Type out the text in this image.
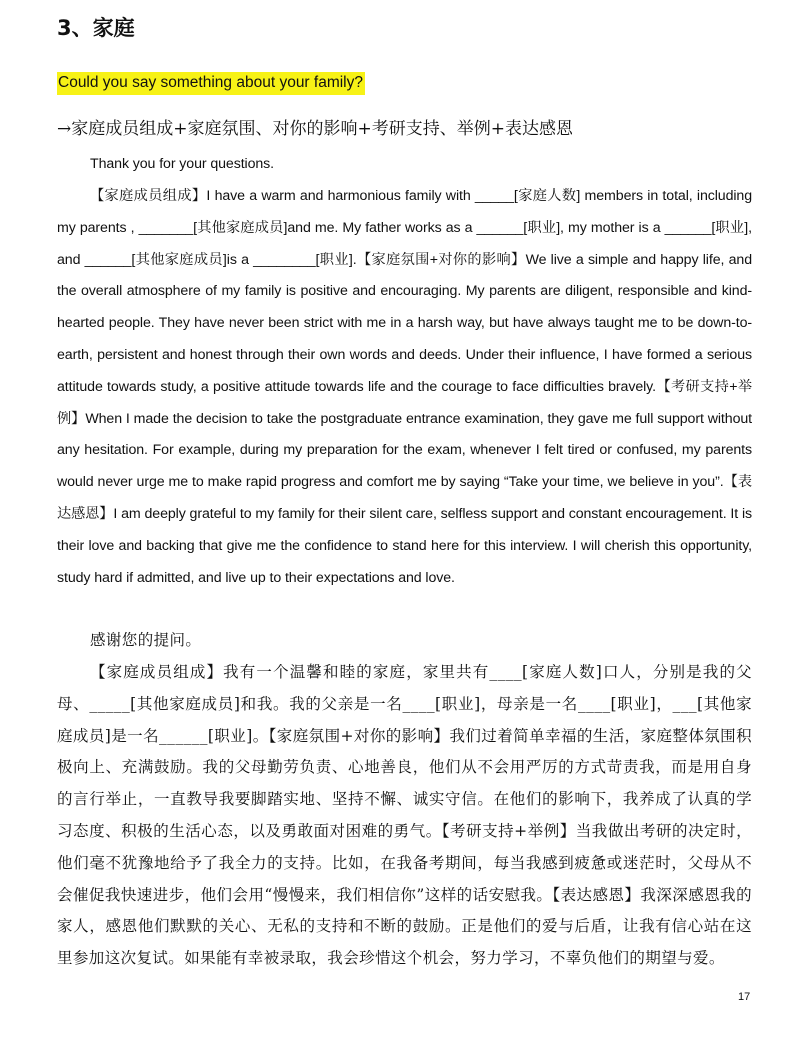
3、家庭
Could you say something about your family?
→家庭成员组成+家庭氛围、对你的影响+考研支持、举例+表达感恩

Thank you for your questions.

【家庭成员组成】I have a warm and harmonious family with _____[家庭人数] members in total, including my parents , _______[其他家庭成员]and me. My father works as a ______[职业], my mother is a ______[职业], and ______[其他家庭成员]is a ________[职业].【家庭氛围+对你的影响】We live a simple and happy life, and the overall atmosphere of my family is positive and encouraging. My parents are diligent, responsible and kind-hearted people. They have never been strict with me in a harsh way, but have always taught me to be down-to-earth, persistent and honest through their own words and deeds. Under their influence, I have formed a serious attitude towards study, a positive attitude towards life and the courage to face difficulties bravely.【考研支持+举例】When I made the decision to take the postgraduate entrance examination, they gave me full support without any hesitation. For example, during my preparation for the exam, whenever I felt tired or confused, my parents would never urge me to make rapid progress and comfort me by saying “Take your time, we believe in you”.【表达感恩】I am deeply grateful to my family for their silent care, selfless support and constant encouragement. It is their love and backing that give me the confidence to stand here for this interview. I will cherish this opportunity, study hard if admitted, and live up to their expectations and love.

感谢您的提问。

【家庭成员组成】我有一个温馨和睦的家庭，家里共有____[家庭人数]口人，分别是我的父母、_____[其他家庭成员]和我。我的父亲是一名____[职业]，母亲是一名____[职业]，___[其他家庭成员]是一名______[职业]。【家庭氛围+对你的影响】我们过着简单幸福的生活，家庭整体氛围积极向上、充满鼓励。我的父母勤劳负责、心地善良，他们从不会用严厉的方式苛责我，而是用自身的言行举止，一直教导我要脚踏实地、坚持不懈、诚实守信。在他们的影响下，我养成了认真的学习态度、积极的生活心态，以及勇敢面对困难的勇气。【考研支持+举例】当我做出考研的决定时，他们毫不犹豫地给予了我全力的支持。比如，在我备考期间，每当我感到疲惫或迷茫时，父母从不会催促我快速进步，他们会用“慢慢来，我们相信你”这样的话安慰我。【表达感恩】我深深感恩我的家人，感恩他们默默的关心、无私的支持和不断的鼓励。正是他们的爱与后盾，让我有信心站在这里参加这次复试。如果能有幸被录取，我会珍惜这个机会，努力学习，不辜负他们的期望与爱。

17
